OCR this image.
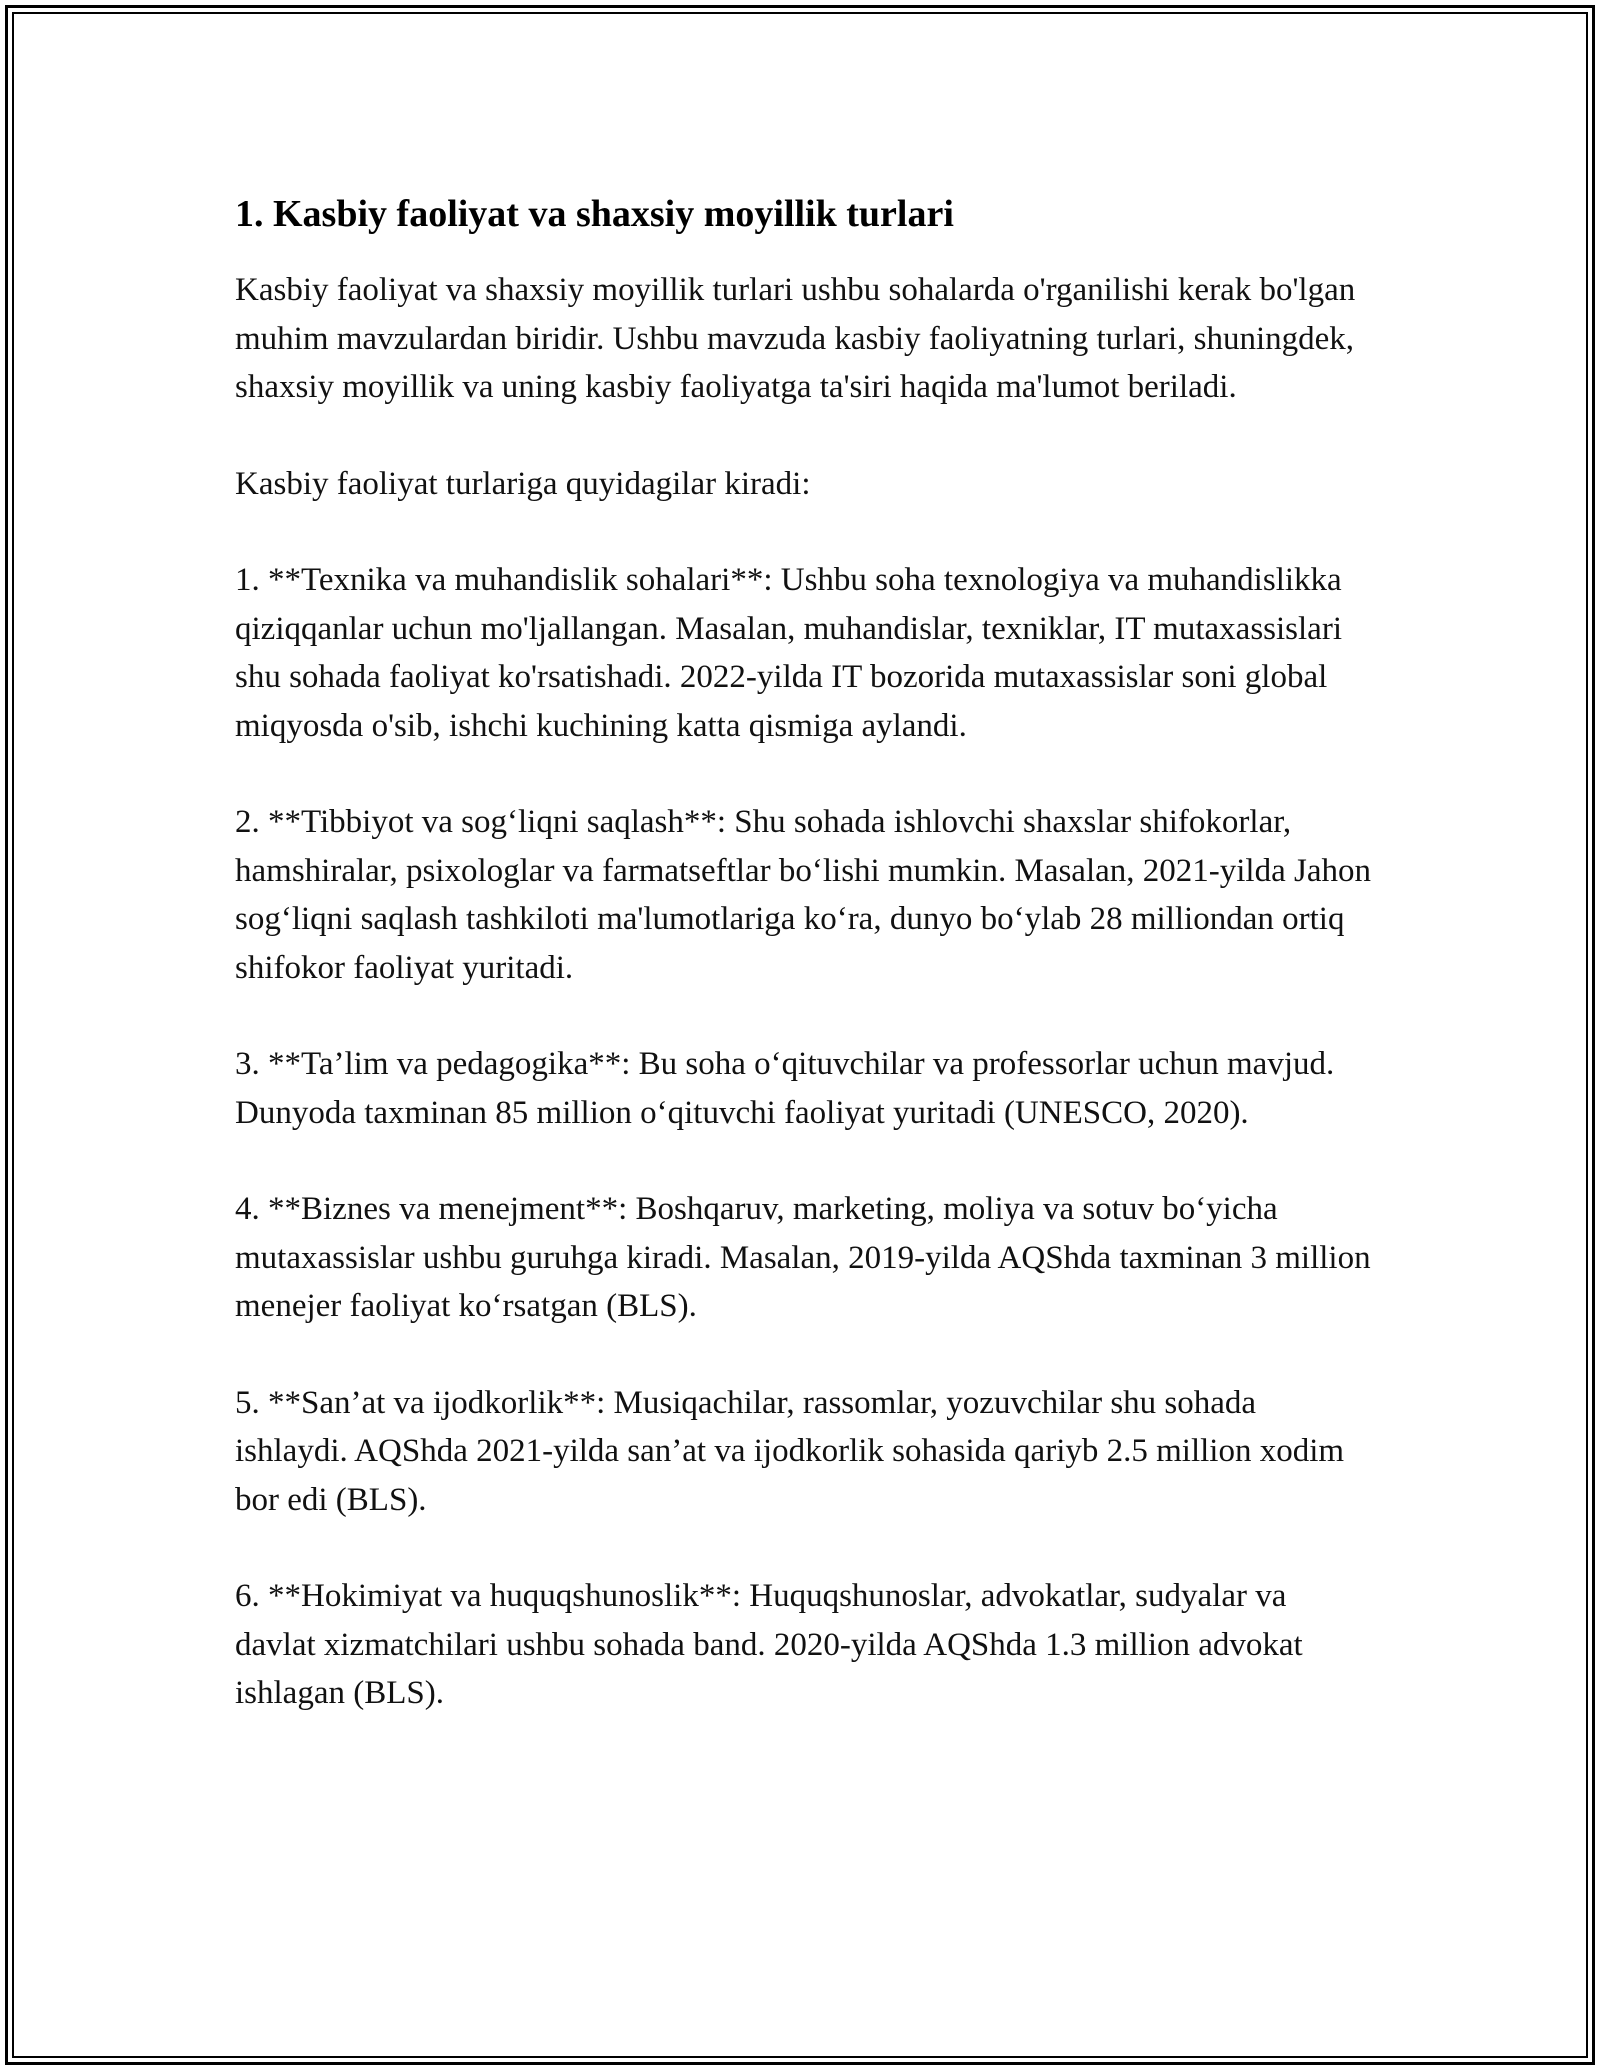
1. Kasbiy faoliyat va shaxsiy moyillik turlari

Kasbiy faoliyat va shaxsiy moyillik turlari ushbu sohalarda o'rganilishi kerak bo'lgan muhim mavzulardan biridir. Ushbu mavzuda kasbiy faoliyatning turlari, shuningdek, shaxsiy moyillik va uning kasbiy faoliyatga ta'siri haqida ma'lumot beriladi.

Kasbiy faoliyat turlariga quyidagilar kiradi:

1. **Texnika va muhandislik sohalari**: Ushbu soha texnologiya va muhandislikka qiziqqanlar uchun mo'ljallangan. Masalan, muhandislar, texniklar, IT mutaxassislari shu sohada faoliyat ko'rsatishadi. 2022-yilda IT bozorida mutaxassislar soni global miqyosda o'sib, ishchi kuchining katta qismiga aylandi.

2. **Tibbiyot va sog‘liqni saqlash**: Shu sohada ishlovchi shaxslar shifokorlar, hamshiralar, psixologlar va farmatseftlar bo‘lishi mumkin. Masalan, 2021-yilda Jahon sog‘liqni saqlash tashkiloti ma'lumotlariga ko‘ra, dunyo bo‘ylab 28 milliondan ortiq shifokor faoliyat yuritadi.

3. **Ta’lim va pedagogika**: Bu soha o‘qituvchilar va professorlar uchun mavjud. Dunyoda taxminan 85 million o‘qituvchi faoliyat yuritadi (UNESCO, 2020).

4. **Biznes va menejment**: Boshqaruv, marketing, moliya va sotuv bo‘yicha mutaxassislar ushbu guruhga kiradi. Masalan, 2019-yilda AQShda taxminan 3 million menejer faoliyat ko‘rsatgan (BLS).

5. **San’at va ijodkorlik**: Musiqachilar, rassomlar, yozuvchilar shu sohada ishlaydi. AQShda 2021-yilda san’at va ijodkorlik sohasida qariyb 2.5 million xodim bor edi (BLS).

6. **Hokimiyat va huquqshunoslik**: Huquqshunoslar, advokatlar, sudyalar va davlat xizmatchilari ushbu sohada band. 2020-yilda AQShda 1.3 million advokat ishlagan (BLS).
